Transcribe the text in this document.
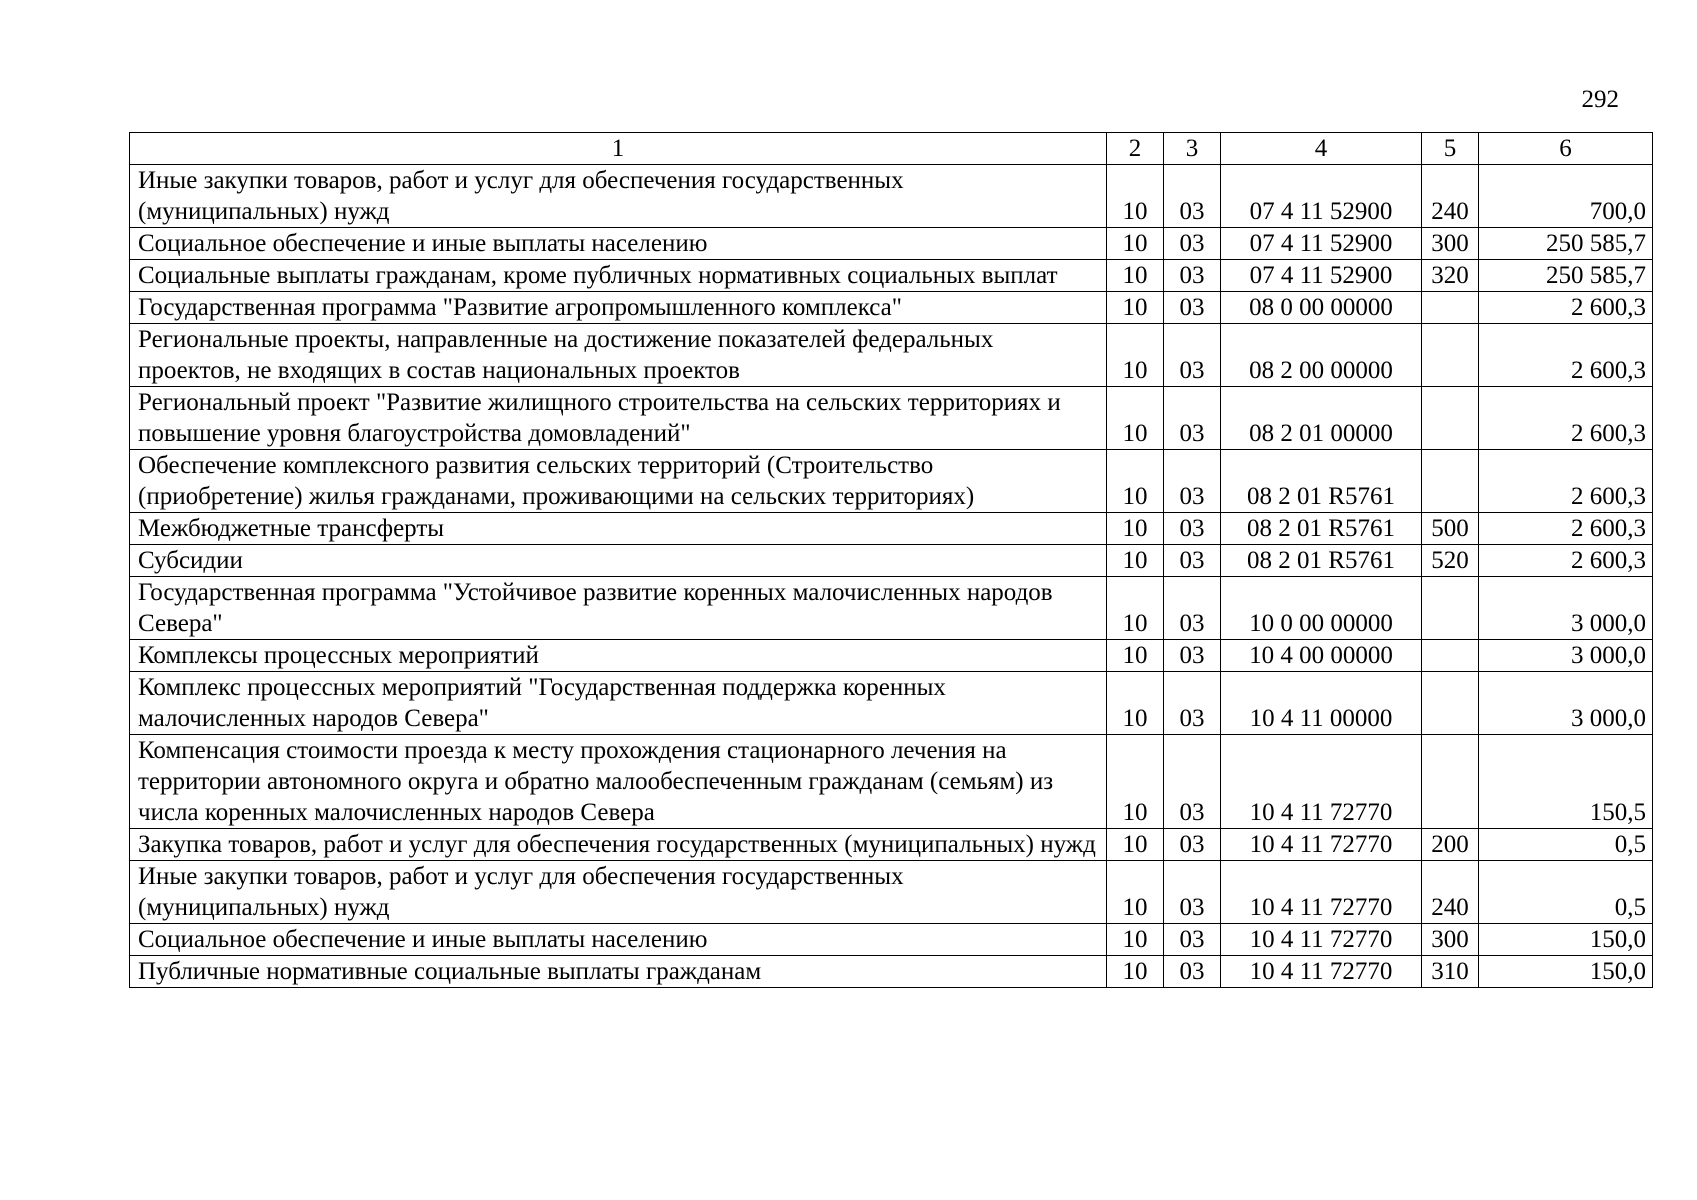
292
1	2	3	4	5	6
Иные закупки товаров, работ и услуг для обеспечения государственных (муниципальных) нужд	10	03	07 4 11 52900	240	700,0
Социальное обеспечение и иные выплаты населению	10	03	07 4 11 52900	300	250 585,7
Социальные выплаты гражданам, кроме публичных нормативных социальных выплат	10	03	07 4 11 52900	320	250 585,7
Государственная программа "Развитие агропромышленного комплекса"	10	03	08 0 00 00000		2 600,3
Региональные проекты, направленные на достижение показателей федеральных проектов, не входящих в состав национальных проектов	10	03	08 2 00 00000		2 600,3
Региональный проект "Развитие жилищного строительства на сельских территориях и повышение уровня благоустройства домовладений"	10	03	08 2 01 00000		2 600,3
Обеспечение комплексного развития сельских территорий (Строительство (приобретение) жилья гражданами, проживающими на сельских территориях)	10	03	08 2 01 R5761		2 600,3
Межбюджетные трансферты	10	03	08 2 01 R5761	500	2 600,3
Субсидии	10	03	08 2 01 R5761	520	2 600,3
Государственная программа "Устойчивое развитие коренных малочисленных народов Севера"	10	03	10 0 00 00000		3 000,0
Комплексы процессных мероприятий	10	03	10 4 00 00000		3 000,0
Комплекс процессных мероприятий "Государственная поддержка коренных малочисленных народов Севера"	10	03	10 4 11 00000		3 000,0
Компенсация стоимости проезда к месту прохождения стационарного лечения на территории автономного округа и обратно малообеспеченным гражданам (семьям) из числа коренных малочисленных народов Севера	10	03	10 4 11 72770		150,5
Закупка товаров, работ и услуг для обеспечения государственных (муниципальных) нужд	10	03	10 4 11 72770	200	0,5
Иные закупки товаров, работ и услуг для обеспечения государственных (муниципальных) нужд	10	03	10 4 11 72770	240	0,5
Социальное обеспечение и иные выплаты населению	10	03	10 4 11 72770	300	150,0
Публичные нормативные социальные выплаты гражданам	10	03	10 4 11 72770	310	150,0
